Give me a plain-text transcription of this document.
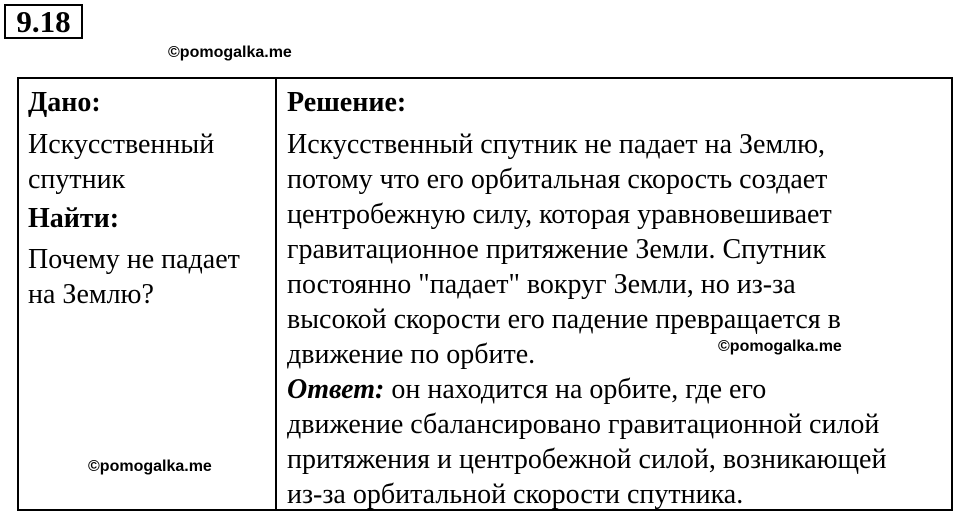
9.18
©pomogalka.me
Дано:
Искусственный
спутник
Найти:
Почему не падает
на Землю?
Решение:
Искусственный спутник не падает на Землю,
потому что его орбитальная скорость создает
центробежную силу, которая уравновешивает
гравитационное притяжение Земли. Спутник
постоянно "падает" вокруг Земли, но из-за
высокой скорости его падение превращается в
движение по орбите.
Ответ: он находится на орбите, где его
движение сбалансировано гравитационной силой
притяжения и центробежной силой, возникающей
из-за орбитальной скорости спутника.
©pomogalka.me
©pomogalka.me
